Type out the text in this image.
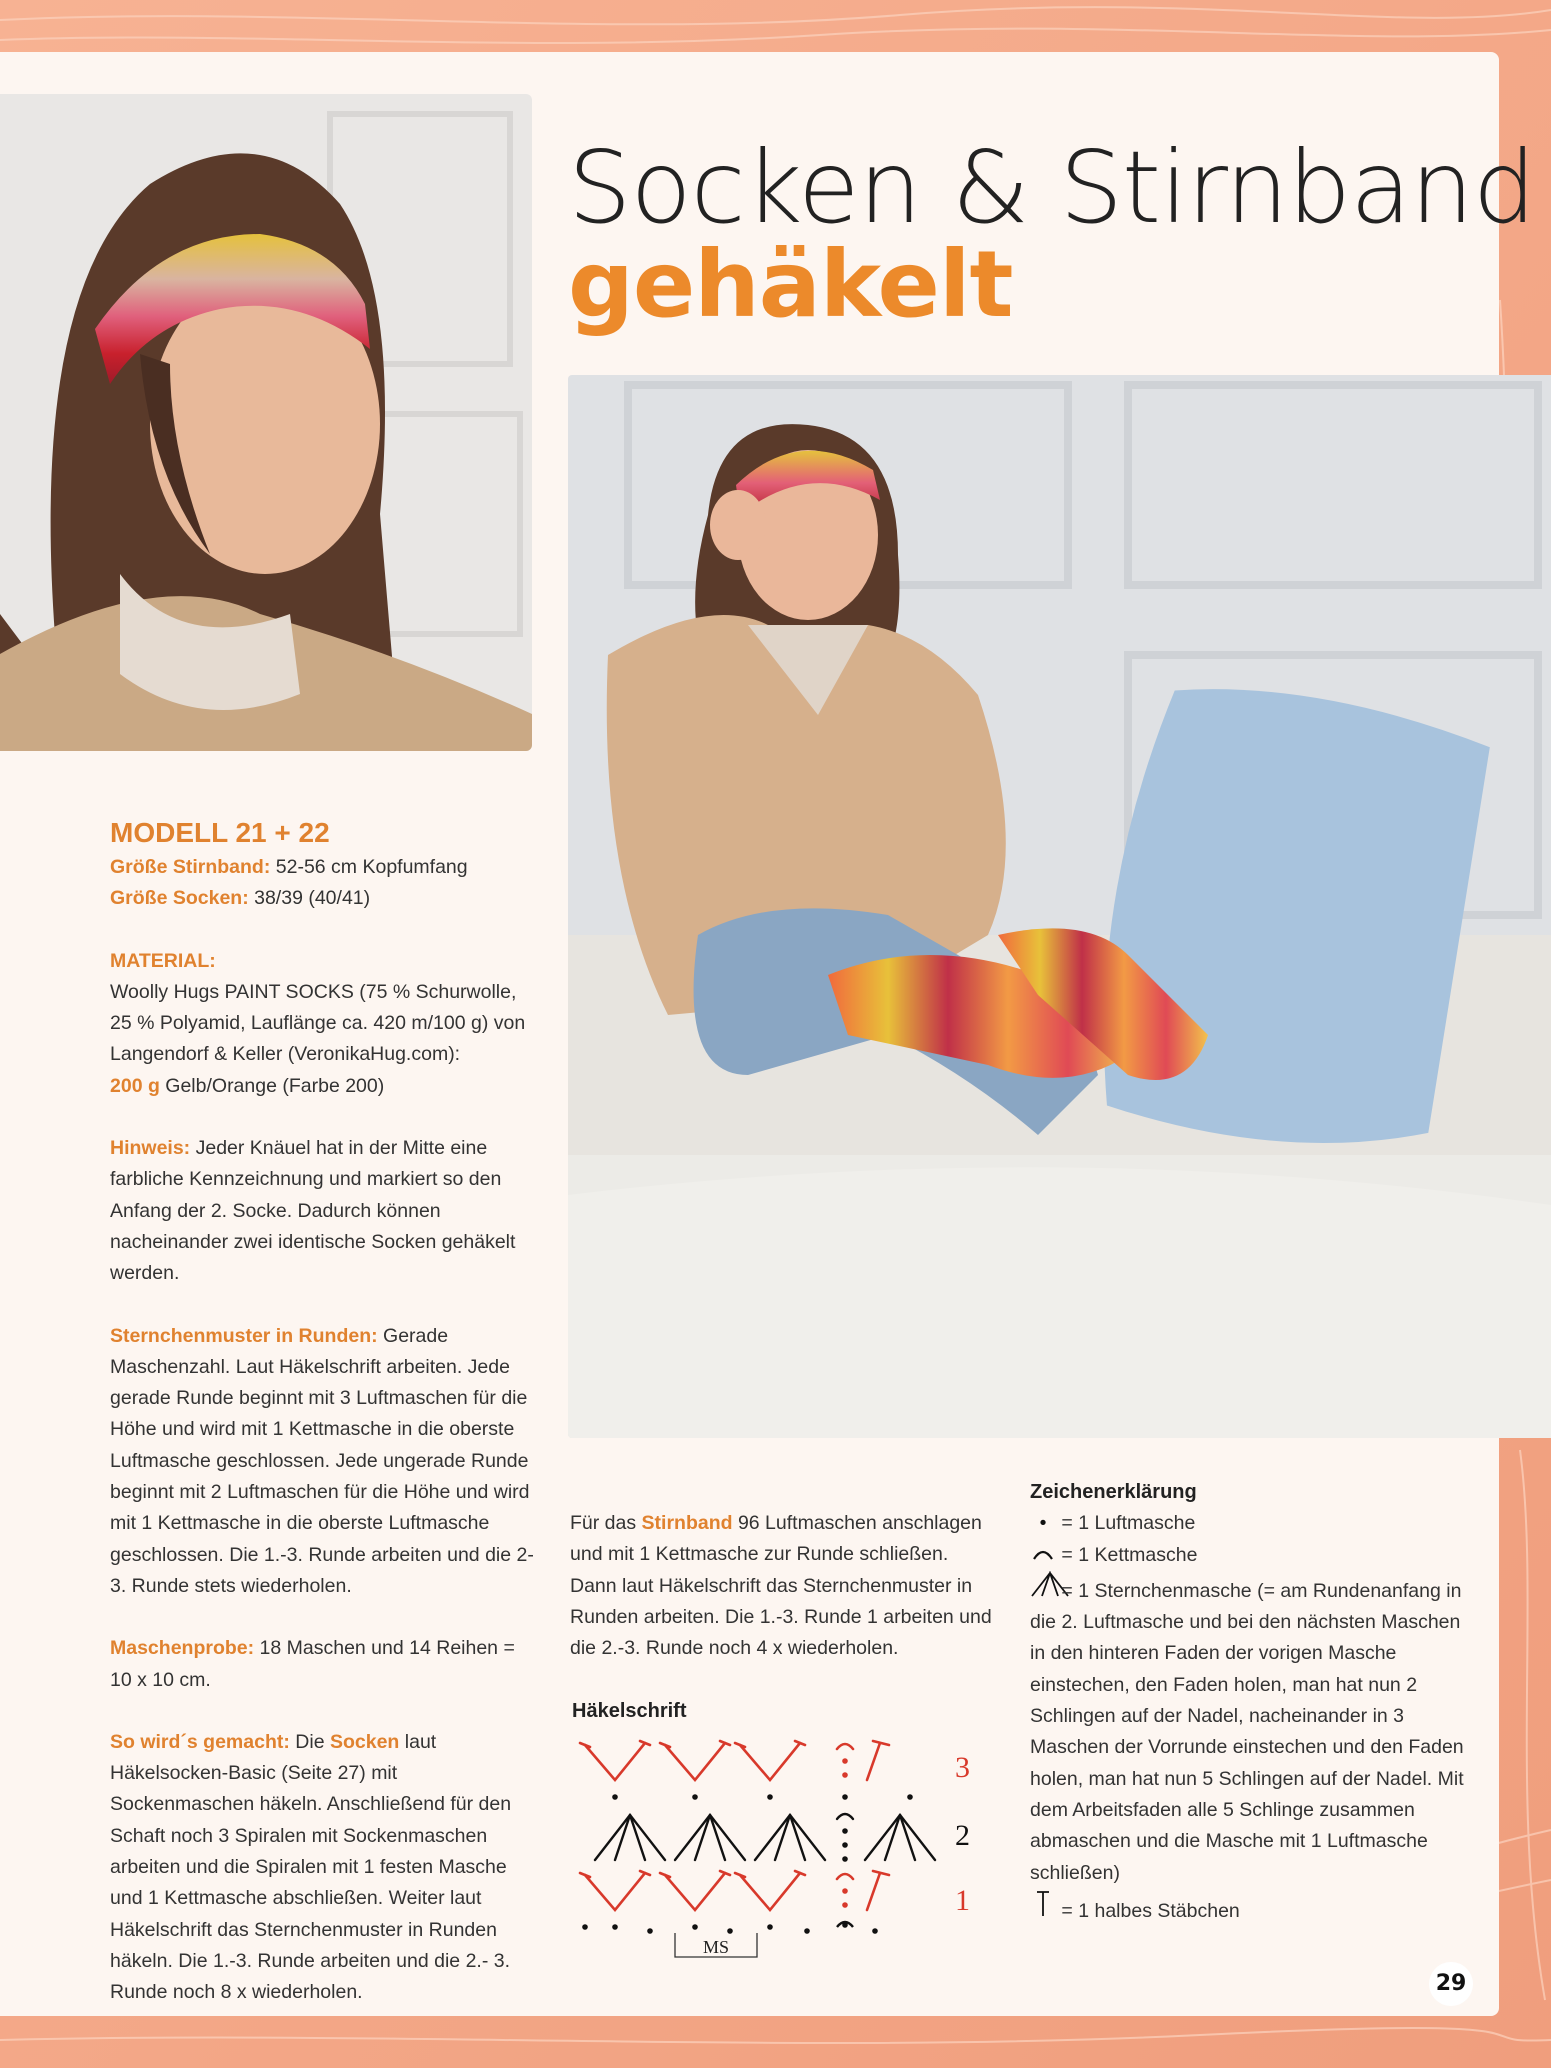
Socken & Stirnband
gehäkelt

MODELL 21 + 22
Größe Stirnband: 52-56 cm Kopfumfang
Größe Socken: 38/39 (40/41)

MATERIAL:
Woolly Hugs PAINT SOCKS (75 % Schurwolle, 25 % Polyamid, Lauflänge ca. 420 m/100 g) von Langendorf & Keller (VeronikaHug.com):
200 g Gelb/Orange (Farbe 200)

Hinweis: Jeder Knäuel hat in der Mitte eine farbliche Kennzeichnung und markiert so den Anfang der 2. Socke. Dadurch können nacheinander zwei identische Socken gehäkelt werden.

Sternchenmuster in Runden: Gerade Maschenzahl. Laut Häkelschrift arbeiten. Jede gerade Runde beginnt mit 3 Luftmaschen für die Höhe und wird mit 1 Kettmasche in die oberste Luftmasche geschlossen. Jede ungerade Runde beginnt mit 2 Luftmaschen für die Höhe und wird mit 1 Kettmasche in die oberste Luftmasche geschlossen. Die 1.-3. Runde arbeiten und die 2-3. Runde stets wiederholen.

Maschenprobe: 18 Maschen und 14 Reihen = 10 x 10 cm.

So wird´s gemacht: Die Socken laut Häkelsocken-Basic (Seite 27) mit Sockenmaschen häkeln. Anschließend für den Schaft noch 3 Spiralen mit Sockenmaschen arbeiten und die Spiralen mit 1 festen Masche und 1 Kettmasche abschließen. Weiter laut Häkelschrift das Sternchenmuster in Runden häkeln. Die 1.-3. Runde arbeiten und die 2.- 3. Runde noch 8 x wiederholen.

Für das Stirnband 96 Luftmaschen anschlagen und mit 1 Kettmasche zur Runde schließen. Dann laut Häkelschrift das Sternchenmuster in Runden arbeiten. Die 1.-3. Runde 1 arbeiten und die 2.-3. Runde noch 4 x wiederholen.

Häkelschrift
3
2
1
MS
Zeichenerklärung
• = 1 Luftmasche
= 1 Kettmasche
= 1 Sternchenmasche (= am Rundenanfang in die 2. Luftmasche und bei den nächsten Maschen in den hinteren Faden der vorigen Masche einstechen, den Faden holen, man hat nun 2 Schlingen auf der Nadel, nacheinander in 3 Maschen der Vorrunde einstechen und den Faden holen, man hat nun 5 Schlingen auf der Nadel. Mit dem Arbeitsfaden alle 5 Schlinge zusammen abmaschen und die Masche mit 1 Luftmasche schließen)
= 1 halbes Stäbchen
29
